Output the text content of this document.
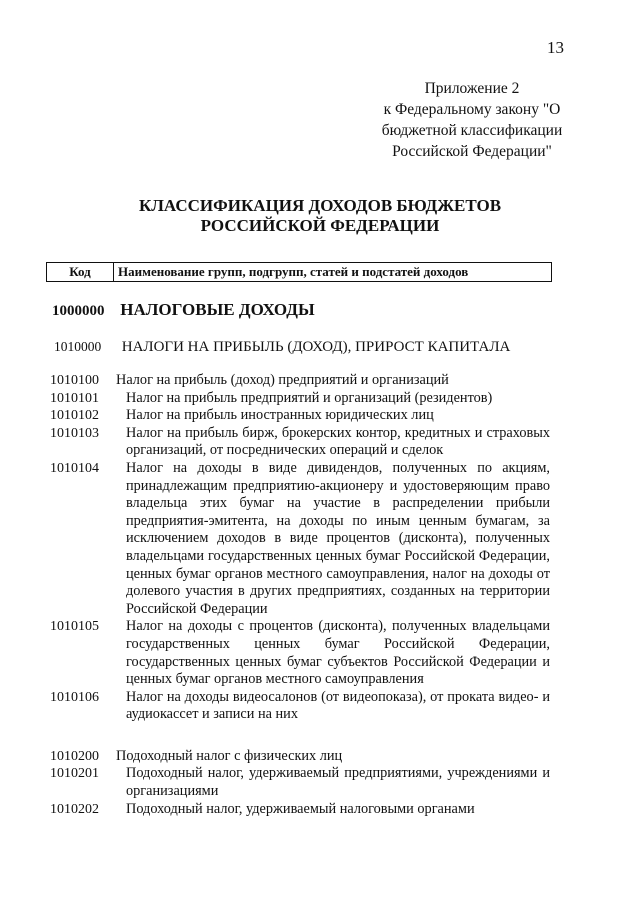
13
Приложение 2
к Федеральному закону "О
бюджетной классификации
Российской Федерации"
КЛАССИФИКАЦИЯ ДОХОДОВ БЮДЖЕТОВ
РОССИЙСКОЙ ФЕДЕРАЦИИ
Код	Наименование групп, подгрупп, статей и подстатей доходов
1000000 НАЛОГОВЫЕ ДОХОДЫ
1010000 НАЛОГИ НА ПРИБЫЛЬ (ДОХОД), ПРИРОСТ КАПИТАЛА
1010100	Налог на прибыль (доход) предприятий и организаций
1010101	Налог на прибыль предприятий и организаций (резидентов)
1010102	Налог на прибыль иностранных юридических лиц
1010103	Налог на прибыль бирж, брокерских контор, кредитных и страховых организаций, от посреднических операций и сделок
1010104	Налог на доходы в виде дивидендов, полученных по акциям, принадлежащим предприятию-акционеру и удостоверяющим право владельца этих бумаг на участие в распределении прибыли предприятия-эмитента, на доходы по иным ценным бумагам, за исключением доходов в виде процентов (дисконта), полученных владельцами государственных ценных бумаг Российской Федерации, ценных бумаг органов местного самоуправления, налог на доходы от долевого участия в других предприятиях, созданных на территории Российской Федерации
1010105	Налог на доходы с процентов (дисконта), полученных владельцами государственных ценных бумаг Российской Федерации, государственных ценных бумаг субъектов Российской Федерации и ценных бумаг органов местного самоуправления
1010106	Налог на доходы видеосалонов (от видеопоказа), от проката видео- и аудиокассет и записи на них
1010200	Подоходный налог с физических лиц
1010201	Подоходный налог, удерживаемый предприятиями, учреждениями и организациями
1010202	Подоходный налог, удерживаемый налоговыми органами
